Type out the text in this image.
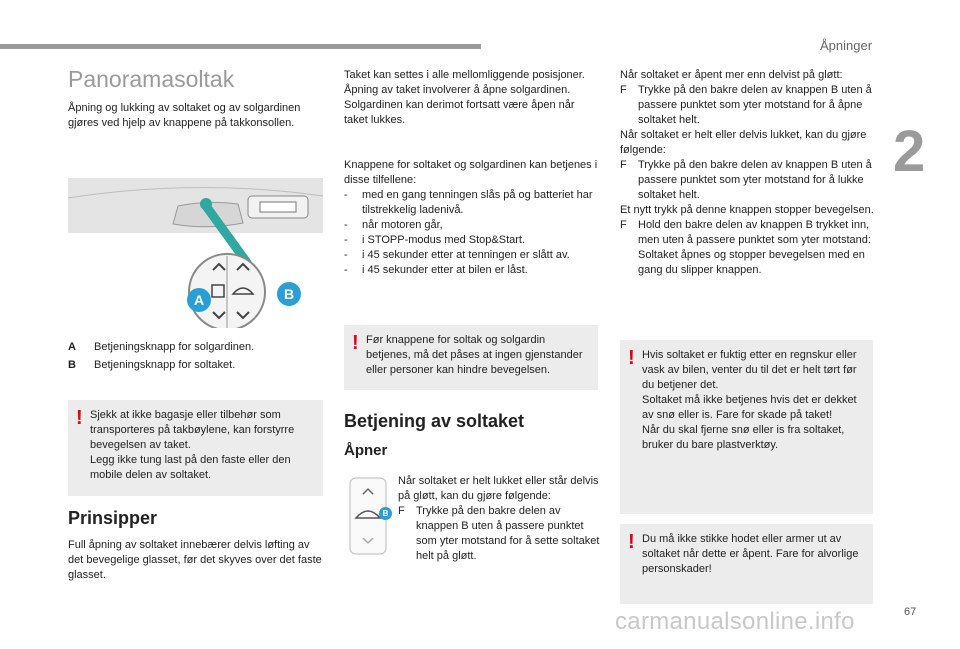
Åpninger
2
67
carmanualsonline.info
Panoramasoltak

Åpning og lukking av soltaket og av solgardinen gjøres ved hjelp av knappene på takkonsollen.

A	B
A Betjeningsknapp for solgardinen.
B Betjeningsknapp for soltaket.
! Sjekk at ikke bagasje eller tilbehør som transporteres på takbøylene, kan forstyrre bevegelsen av taket.
Legg ikke tung last på den faste eller den mobile delen av soltaket.
Prinsipper

Full åpning av soltaket innebærer delvis løfting av det bevegelige glasset, før det skyves over det faste glasset.

Taket kan settes i alle mellomliggende posisjoner.
Åpning av taket involverer å åpne solgardinen. Solgardinen kan derimot fortsatt være åpen når taket lukkes.

Knappene for soltaket og solgardinen kan betjenes i disse tilfellene:

- med en gang tenningen slås på og batteriet har tilstrekkelig ladenivå.
- når motoren går,
- i STOPP-modus med Stop&Start.
- i 45 sekunder etter at tenningen er slått av.
- i 45 sekunder etter at bilen er låst.
! Før knappene for soltak og solgardin betjenes, må det påses at ingen gjenstander eller personer kan hindre bevegelsen.
Betjening av soltaket
Åpner
B

Når soltaket er helt lukket eller står delvis på gløtt, kan du gjøre følgende:

F Trykke på den bakre delen av knappen B uten å passere punktet som yter motstand for å sette soltaket helt på gløtt.
Når soltaket er åpent mer enn delvist på gløtt:
F Trykke på den bakre delen av knappen B uten å passere punktet som yter motstand for å åpne soltaket helt.
Når soltaket er helt eller delvis lukket, kan du gjøre følgende:
F Trykke på den bakre delen av knappen B uten å passere punktet som yter motstand for å lukke soltaket helt.
Et nytt trykk på denne knappen stopper bevegelsen.
F Hold den bakre delen av knappen B trykket inn, men uten å passere punktet som yter motstand: Soltaket åpnes og stopper bevegelsen med en gang du slipper knappen.
! Hvis soltaket er fuktig etter en regnskur eller vask av bilen, venter du til det er helt tørt før du betjener det.
Soltaket må ikke betjenes hvis det er dekket av snø eller is. Fare for skade på taket!
Når du skal fjerne snø eller is fra soltaket, bruker du bare plastverktøy.
! Du må ikke stikke hodet eller armer ut av soltaket når dette er åpent. Fare for alvorlige personskader!
